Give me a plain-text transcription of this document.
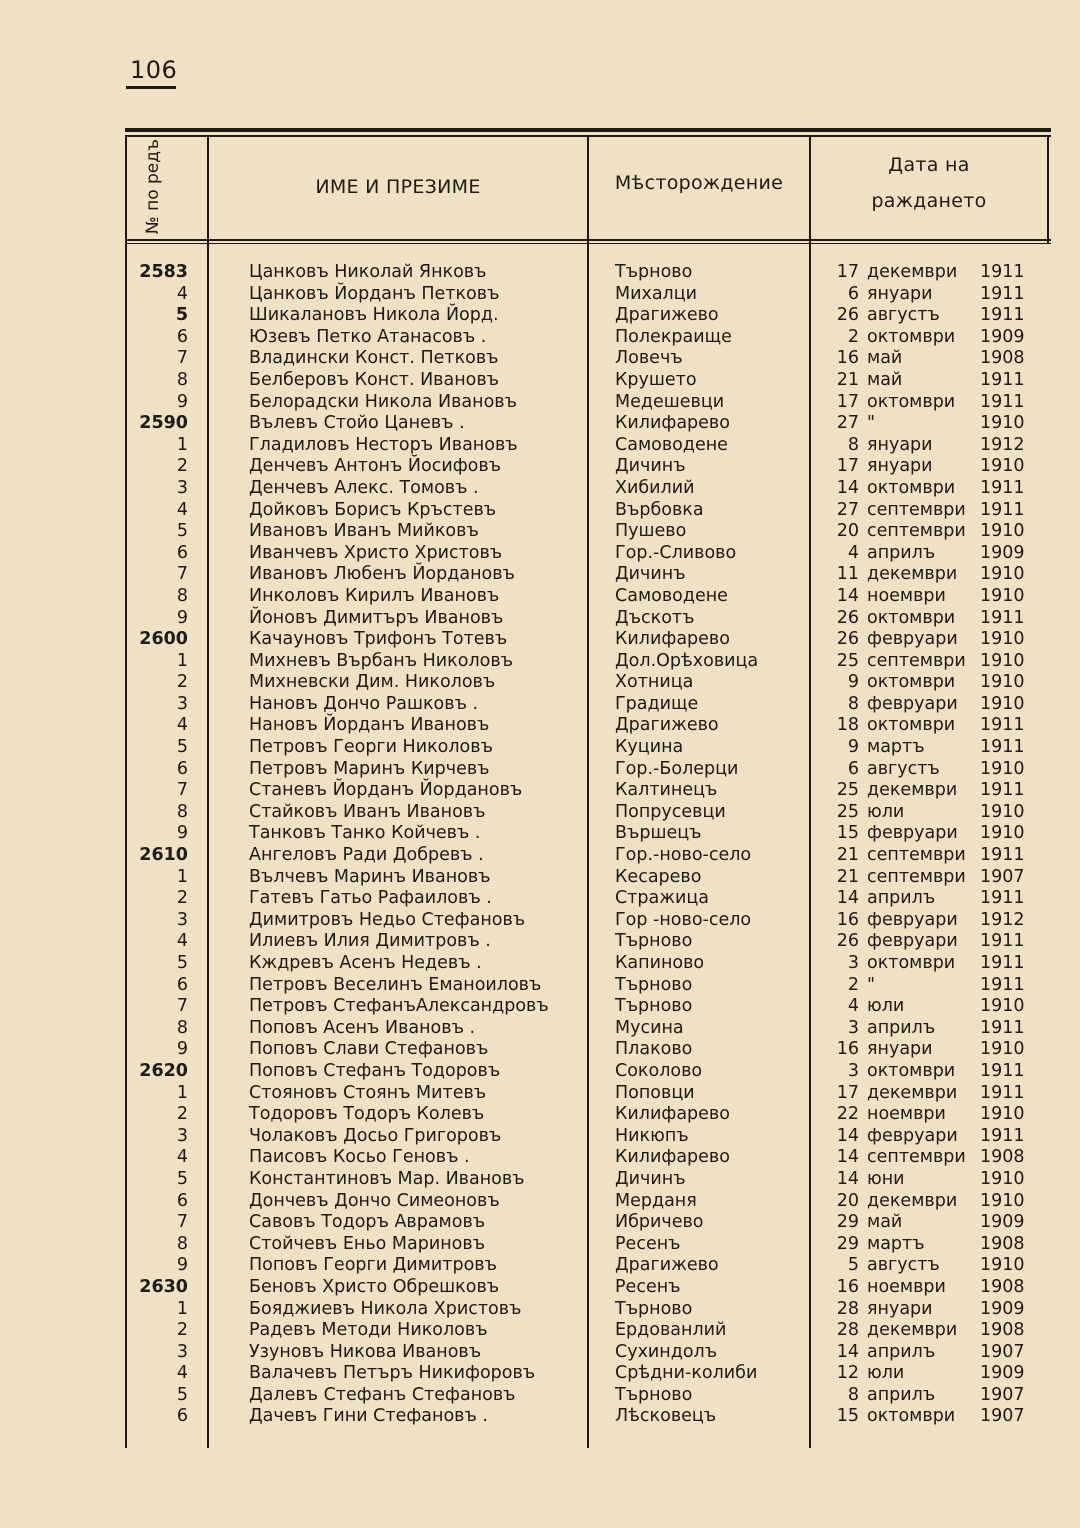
106
№ по редъ	ИМЕ И ПРЕЗИМЕ	Мѣсторождение
Дата на
раждането
2583	Цанковъ Николай Янковъ	Търново	17 декември 1911
4	Цанковъ Йорданъ Петковъ	Михалци	6 януари	1911
5	Шикалановъ Никола Йорд.	Драгижево	26 августъ 1911
6	Юзевъ Петко Атанасовъ .	Полекраище	2 октомври 1909
7	Владински Конст. Петковъ	Ловечъ	16 май	1908
8	Белберовъ Конст. Ивановъ	Крушето	21 май	1911
9	Белорадски Никола Ивановъ	Медешевци	17 октомври 1911
2590	Вълевъ Стойо Цаневъ .	Килифарево	27 "	1910
1	Гладиловъ Несторъ Ивановъ	Самоводене	8 януари	1912
2	Денчевъ Антонъ Йосифовъ	Дичинъ	17 януари	1910
3	Денчевъ Алекс. Томовъ .	Хибилий	14 октомври 1911
4	Дойковъ Борисъ Кръстевъ	Върбовка	27 септември 1911
5	Ивановъ Иванъ Мийковъ	Пушево	20 септември 1910
6	Иванчевъ Христо Христовъ	Гор.-Сливово	4 априлъ	1909
7	Ивановъ Любенъ Йордановъ	Дичинъ	11 декември 1910
8	Инколовъ Кирилъ Ивановъ	Самоводене	14 ноември 1910
9	Йоновъ Димитъръ Ивановъ	Дъскотъ	26 октомври 1911
2600	Качауновъ Трифонъ Тотевъ	Килифарево	26 февруари 1910
1	Михневъ Върбанъ Николовъ	Дол.Орѣховица	25 септември 1910
2	Михневски Дим. Николовъ	Хотница	9 октомври 1910
3	Нановъ Дончо Рашковъ .	Градище	8 февруари 1910
4	Нановъ Йорданъ Ивановъ	Драгижево	18 октомври 1911
5	Петровъ Георги Николовъ	Куцина	9 мартъ	1911
6	Петровъ Маринъ Кирчевъ	Гор.-Болерци	6 августъ 1910
7	Станевъ Йорданъ Йордановъ	Калтинецъ	25 декември 1911
8	Стайковъ Иванъ Ивановъ	Попрусевци	25 юли	1910
9	Танковъ Танко Койчевъ .	Вършецъ	15 февруари 1910
2610	Ангеловъ Ради Добревъ .	Гор.-ново-село	21 септември 1911
1	Вълчевъ Маринъ Ивановъ	Кесарево	21 септември 1907
2	Гатевъ Гатьо Рафаиловъ .	Стражица	14 априлъ	1911
3	Димитровъ Недьо Стефановъ	Гор -ново-село	16 февруари 1912
4	Илиевъ Илия Димитровъ .	Търново	26 февруари 1911
5	Кждревъ Асенъ Недевъ .	Капиново	3 октомври 1911
6	Петровъ Веселинъ Еманоиловъ	Търново	2 "	1911
7	Петровъ СтефанъАлександровъ	Търново	4 юли	1910
8	Поповъ Асенъ Ивановъ .	Мусина	3 априлъ	1911
9	Поповъ Слави Стефановъ	Плаково	16 януари	1910
2620	Поповъ Стефанъ Тодоровъ	Соколово	3 октомври 1911
1	Стояновъ Стоянъ Митевъ	Поповци	17 декември 1911
2	Тодоровъ Тодоръ Колевъ	Килифарево	22 ноември 1910
3	Чолаковъ Досьо Григоровъ	Никюпъ	14 февруари 1911
4	Паисовъ Косьо Геновъ .	Килифарево	14 септември 1908
5	Константиновъ Мар. Ивановъ	Дичинъ	14 юни	1910
6	Дончевъ Дончо Симеоновъ	Мерданя	20 декември 1910
7	Савовъ Тодоръ Аврамовъ	Ибричево	29 май	1909
8	Стойчевъ Еньо Мариновъ	Ресенъ	29 мартъ	1908
9	Поповъ Георги Димитровъ	Драгижево	5 августъ 1910
2630	Беновъ Христо Обрешковъ	Ресенъ	16 ноември 1908
1	Бояджиевъ Никола Христовъ	Търново	28 януари	1909
2	Радевъ Методи Николовъ	Ердованлий	28 декември 1908
3	Узуновъ Никова Ивановъ	Сухиндолъ	14 априлъ	1907
4	Валачевъ Петъръ Никифоровъ	Срѣдни-колиби	12 юли	1909
5	Далевъ Стефанъ Стефановъ	Търново	8 априлъ	1907
6	Дачевъ Гини Стефановъ .	Лѣсковецъ	15 октомври 1907
